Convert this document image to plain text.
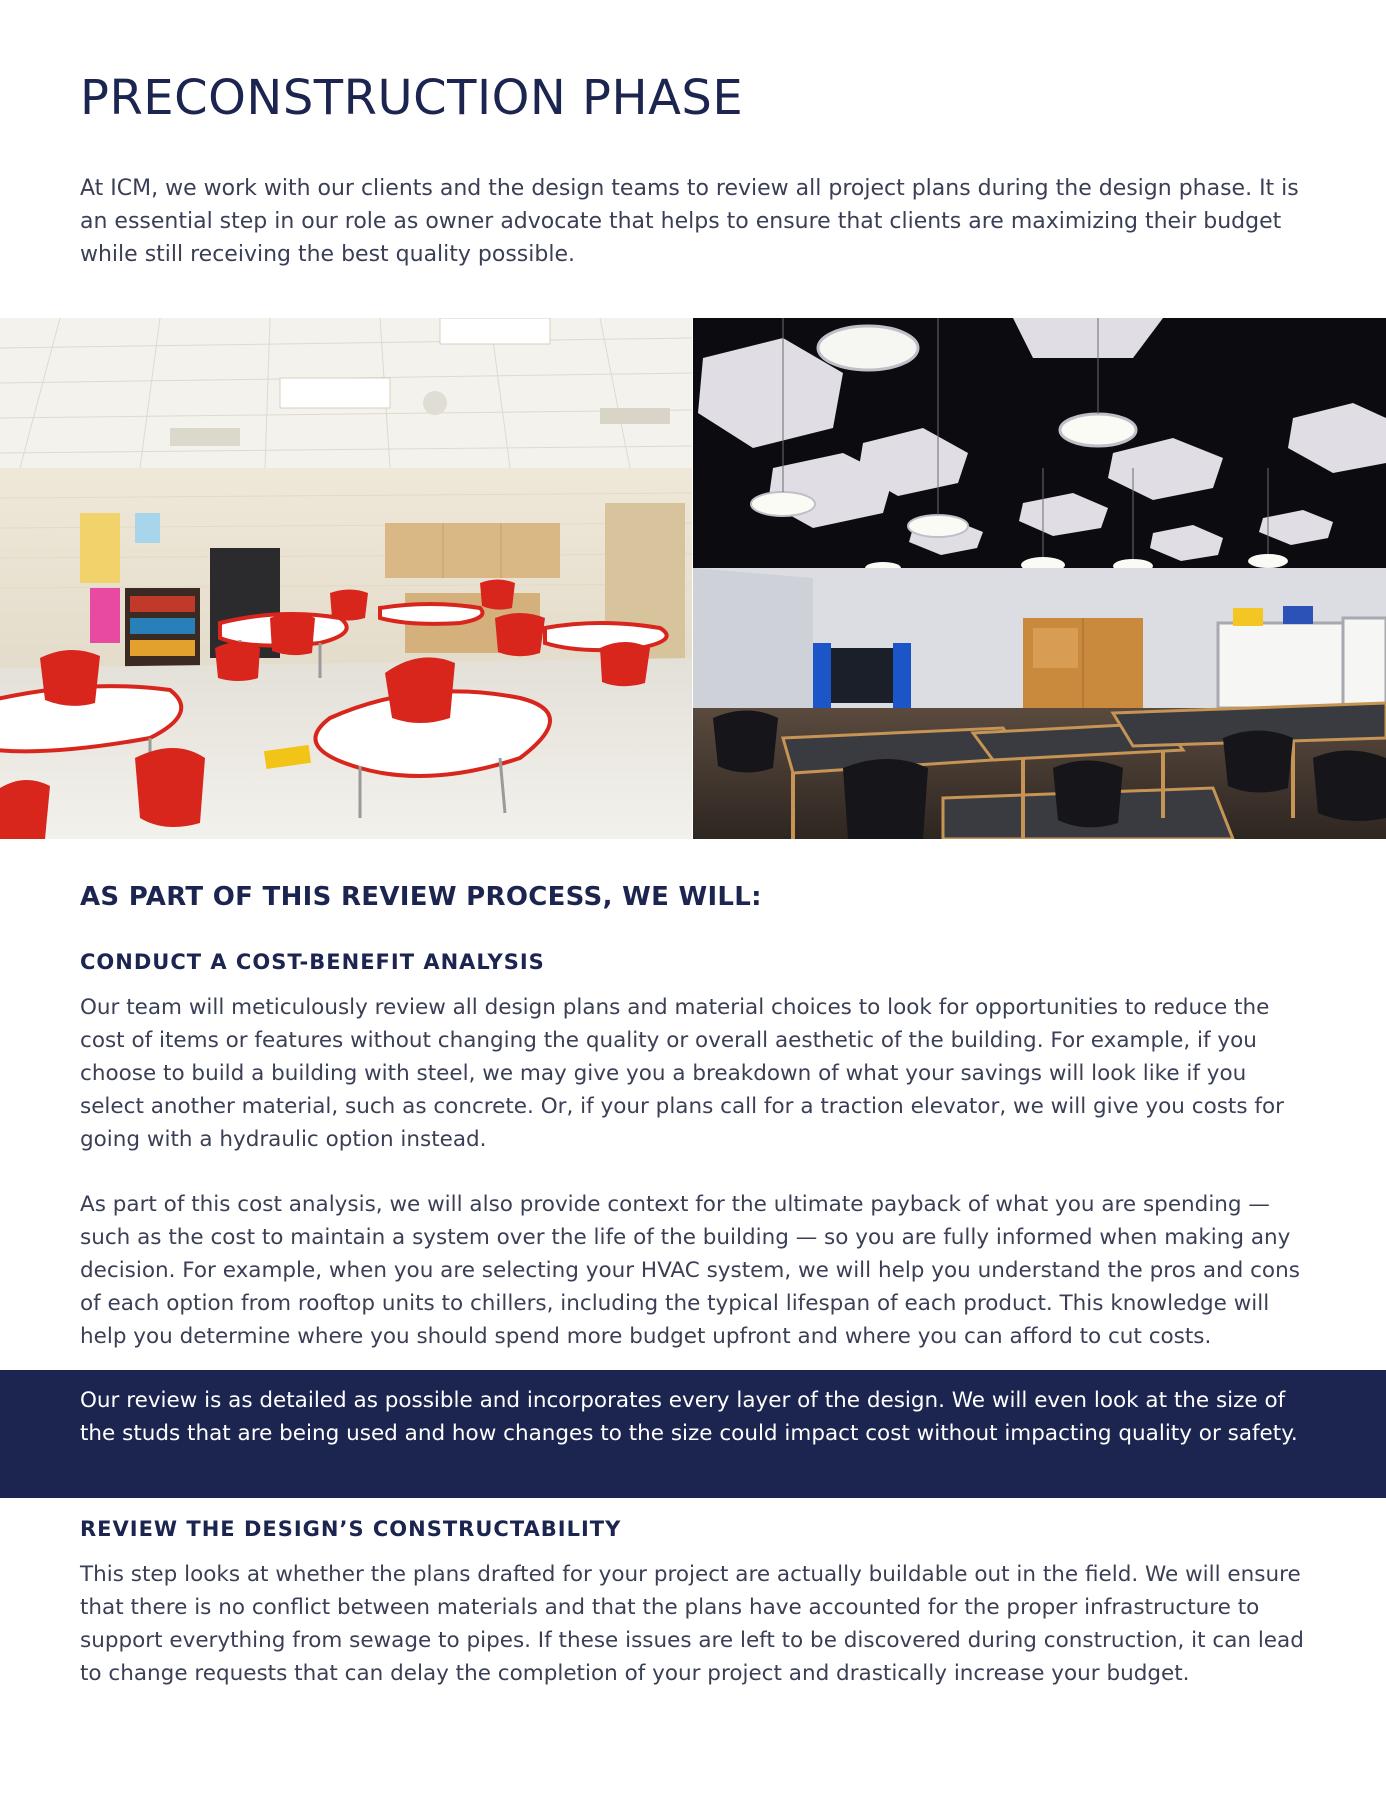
PRECONSTRUCTION PHASE

At ICM, we work with our clients and the design teams to review all project plans during the design phase. It is an essential step in our role as owner advocate that helps to ensure that clients are maximizing their budget while still receiving the best quality possible.

AS PART OF THIS REVIEW PROCESS, WE WILL:
CONDUCT A COST-BENEFIT ANALYSIS

Our team will meticulously review all design plans and material choices to look for opportunities to reduce the cost of items or features without changing the quality or overall aesthetic of the building. For example, if you choose to build a building with steel, we may give you a breakdown of what your savings will look like if you select another material, such as concrete. Or, if your plans call for a traction elevator, we will give you costs for going with a hydraulic option instead.

As part of this cost analysis, we will also provide context for the ultimate payback of what you are spending — such as the cost to maintain a system over the life of the building — so you are fully informed when making any decision. For example, when you are selecting your HVAC system, we will help you understand the pros and cons of each option from rooftop units to chillers, including the typical lifespan of each product. This knowledge will help you determine where you should spend more budget upfront and where you can afford to cut costs.

Our review is as detailed as possible and incorporates every layer of the design. We will even look at the size of the studs that are being used and how changes to the size could impact cost without impacting quality or safety.

REVIEW THE DESIGN’S CONSTRUCTABILITY

This step looks at whether the plans drafted for your project are actually buildable out in the field. We will ensure that there is no conflict between materials and that the plans have accounted for the proper infrastructure to support everything from sewage to pipes. If these issues are left to be discovered during construction, it can lead to change requests that can delay the completion of your project and drastically increase your budget.
